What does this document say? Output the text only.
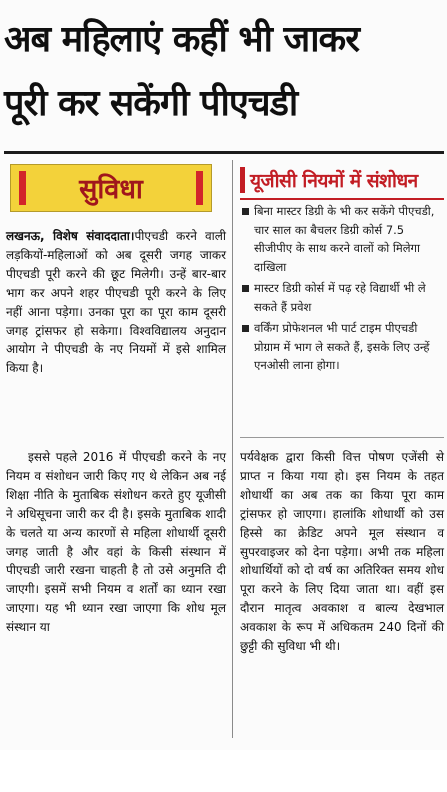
अब महिलाएं कहीं भी जाकर
पूरी कर सकेंगी पीएचडी
सुविधा	यूजीसी नियमों में संशोधन
बिना मास्टर डिग्री के भी कर सकेंगे पीएचडी, चार साल का बैचलर डिग्री कोर्स 7.5 सीजीपीए के साथ करने वालों को मिलेगा दाखिला
मास्टर डिग्री कोर्स में पढ़ रहे विद्यार्थी भी ले सकते हैं प्रवेश
वर्किंग प्रोफेशनल भी पार्ट टाइम पीएचडी प्रोग्राम में भाग ले सकते हैं, इसके लिए उन्हें एनओसी लाना होगा।

लखनऊ, विशेष संवाददाता।पीएचडी करने वाली लड़कियों-महिलाओं को अब दूसरी जगह जाकर पीएचडी पूरी करने की छूट मिलेगी। उन्हें बार-बार भाग कर अपने शहर पीएचडी पूरी करने के लिए नहीं आना पड़ेगा। उनका पूरा का पूरा काम दूसरी जगह ट्रांसफर हो सकेगा। विश्वविद्यालय अनुदान आयोग ने पीएचडी के नए नियमों में इसे शामिल किया है।

इससे पहले 2016 में पीएचडी करने के नए नियम व संशोधन जारी किए गए थे लेकिन अब नई शिक्षा नीति के मुताबिक संशोधन करते हुए यूजीसी ने अधिसूचना जारी कर दी है। इसके मुताबिक शादी के चलते या अन्य कारणों से महिला शोधार्थी दूसरी जगह जाती है और वहां के किसी संस्थान में पीएचडी जारी रखना चाहती है तो उसे अनुमति दी जाएगी। इसमें सभी नियम व शर्तों का ध्यान रखा जाएगा। यह भी ध्यान रखा जाएगा कि शोध मूल संस्थान या

पर्यवेक्षक द्वारा किसी वित्त पोषण एजेंसी से प्राप्त न किया गया हो। इस नियम के तहत शोधार्थी का अब तक का किया पूरा काम ट्रांसफर हो जाएगा। हालांकि शोधार्थी को उस हिस्से का क्रेडिट अपने मूल संस्थान व सुपरवाइजर को देना पड़ेगा। अभी तक महिला शोधार्थियों को दो वर्ष का अतिरिक्त समय शोध पूरा करने के लिए दिया जाता था। वहीं इस दौरान मातृत्व अवकाश व बाल्य देखभाल अवकाश के रूप में अधिकतम 240 दिनों की छुट्टी की सुविधा भी थी।
